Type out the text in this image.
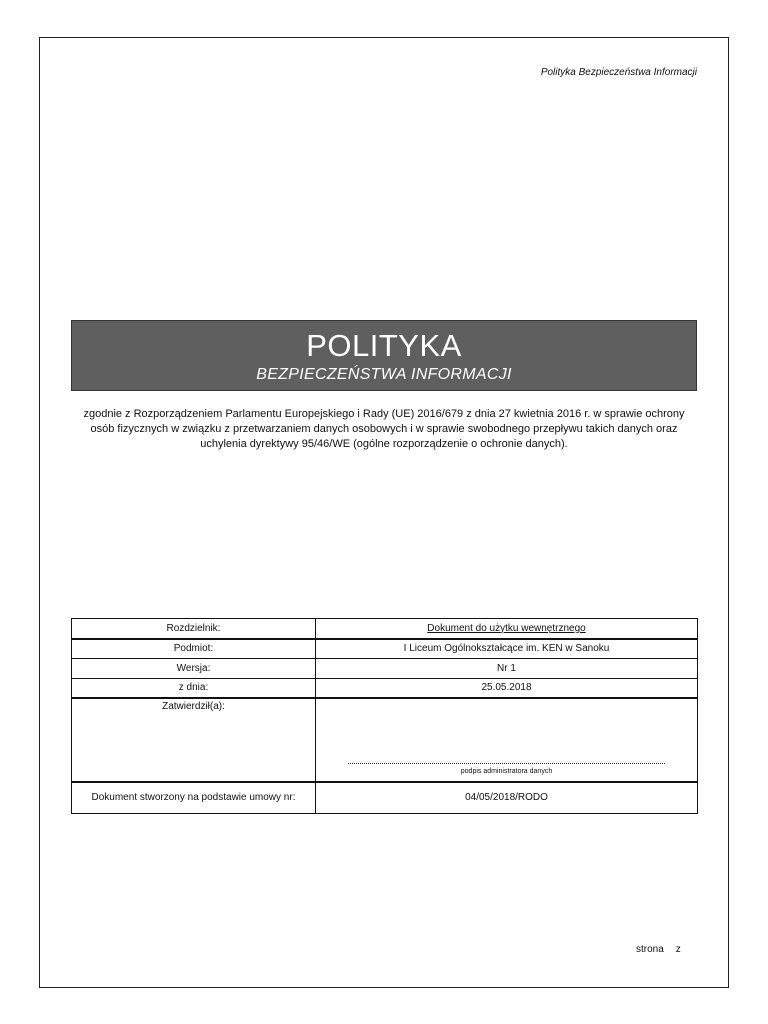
Polityka Bezpieczeństwa Informacji
POLITYKA
BEZPIECZEŃSTWA INFORMACJI
zgodnie z Rozporządzeniem Parlamentu Europejskiego i Rady (UE) 2016/679 z dnia 27 kwietnia 2016 r. w sprawie ochrony osób fizycznych w związku z przetwarzaniem danych osobowych i w sprawie swobodnego przepływu takich danych oraz uchylenia dyrektywy 95/46/WE (ogólne rozporządzenie o ochronie danych).
Rozdzielnik:	Dokument do użytku wewnętrznego
Podmiot:	I Liceum Ogólnokształcące im. KEN w Sanoku
Wersja:	Nr 1
z dnia:	25.05.2018
Zatwierdził(a):	podpis administratora danych

Dokument stworzony na podstawie umowy nr:	04/05/2018/RODO
strona z
